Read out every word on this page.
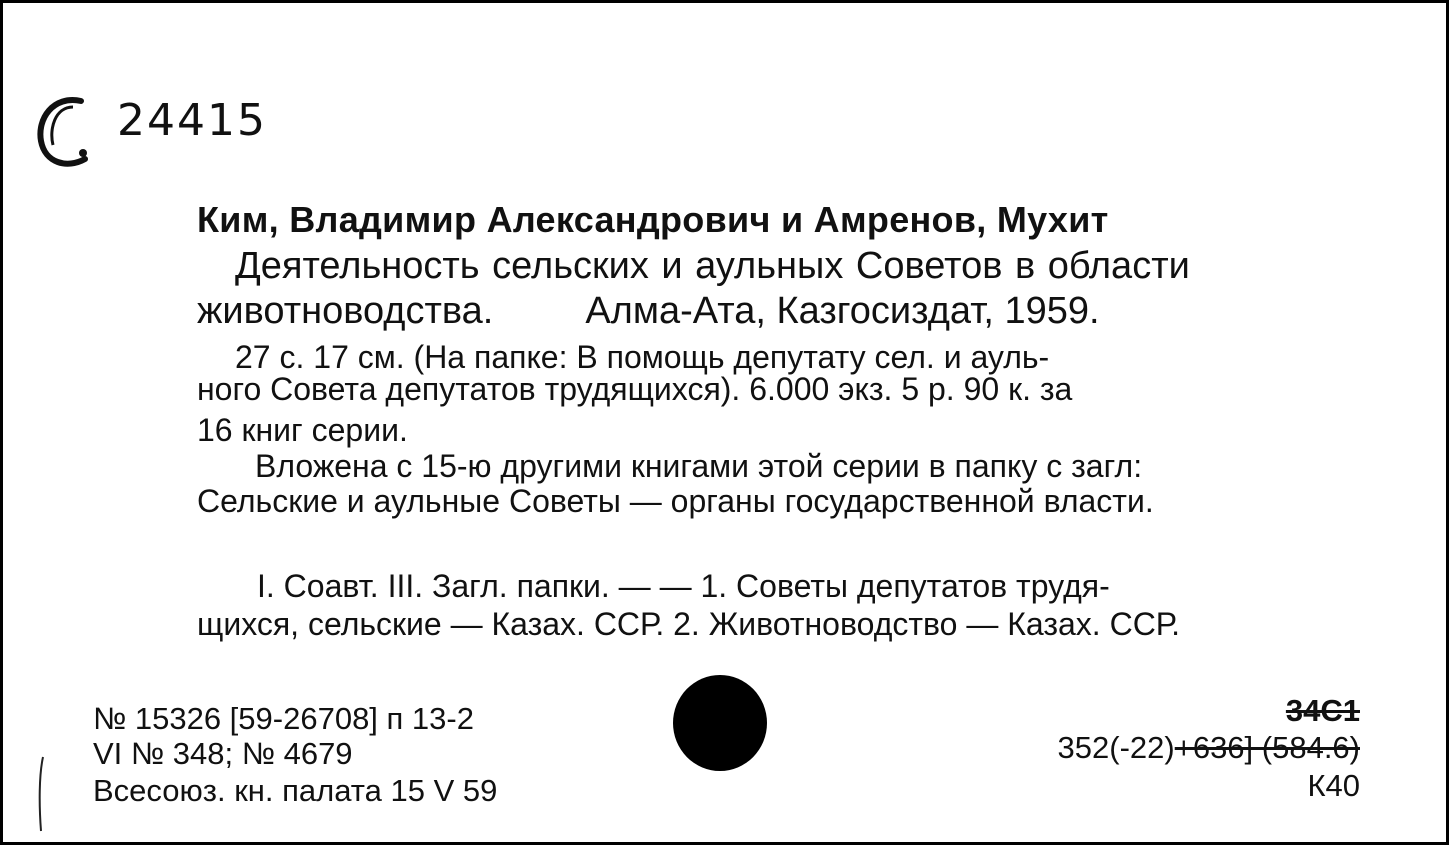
24415
Ким, Владимир Александрович и Амренов, Мухит
Деятельность сельских и аульных Советов в области
животноводства. Алма-Ата, Казгосиздат, 1959.
27 с. 17 см. (На папке: В помощь депутату сел. и ауль-
ного Совета депутатов трудящихся). 6.000 экз. 5 р. 90 к. за
16 книг серии.
Вложена с 15-ю другими книгами этой серии в папку с загл:
Сельские и аульные Советы — органы государственной власти.
I. Соавт. III. Загл. папки. — — 1. Советы депутатов трудя-
щихся, сельские — Казах. ССР. 2. Животноводство — Казах. ССР.
№ 15326 [59-26708] п 13-2
VI № 348; № 4679
Всесоюз. кн. палата 15 V 59
34С1
352(-22)+636] (584.6)
К40
